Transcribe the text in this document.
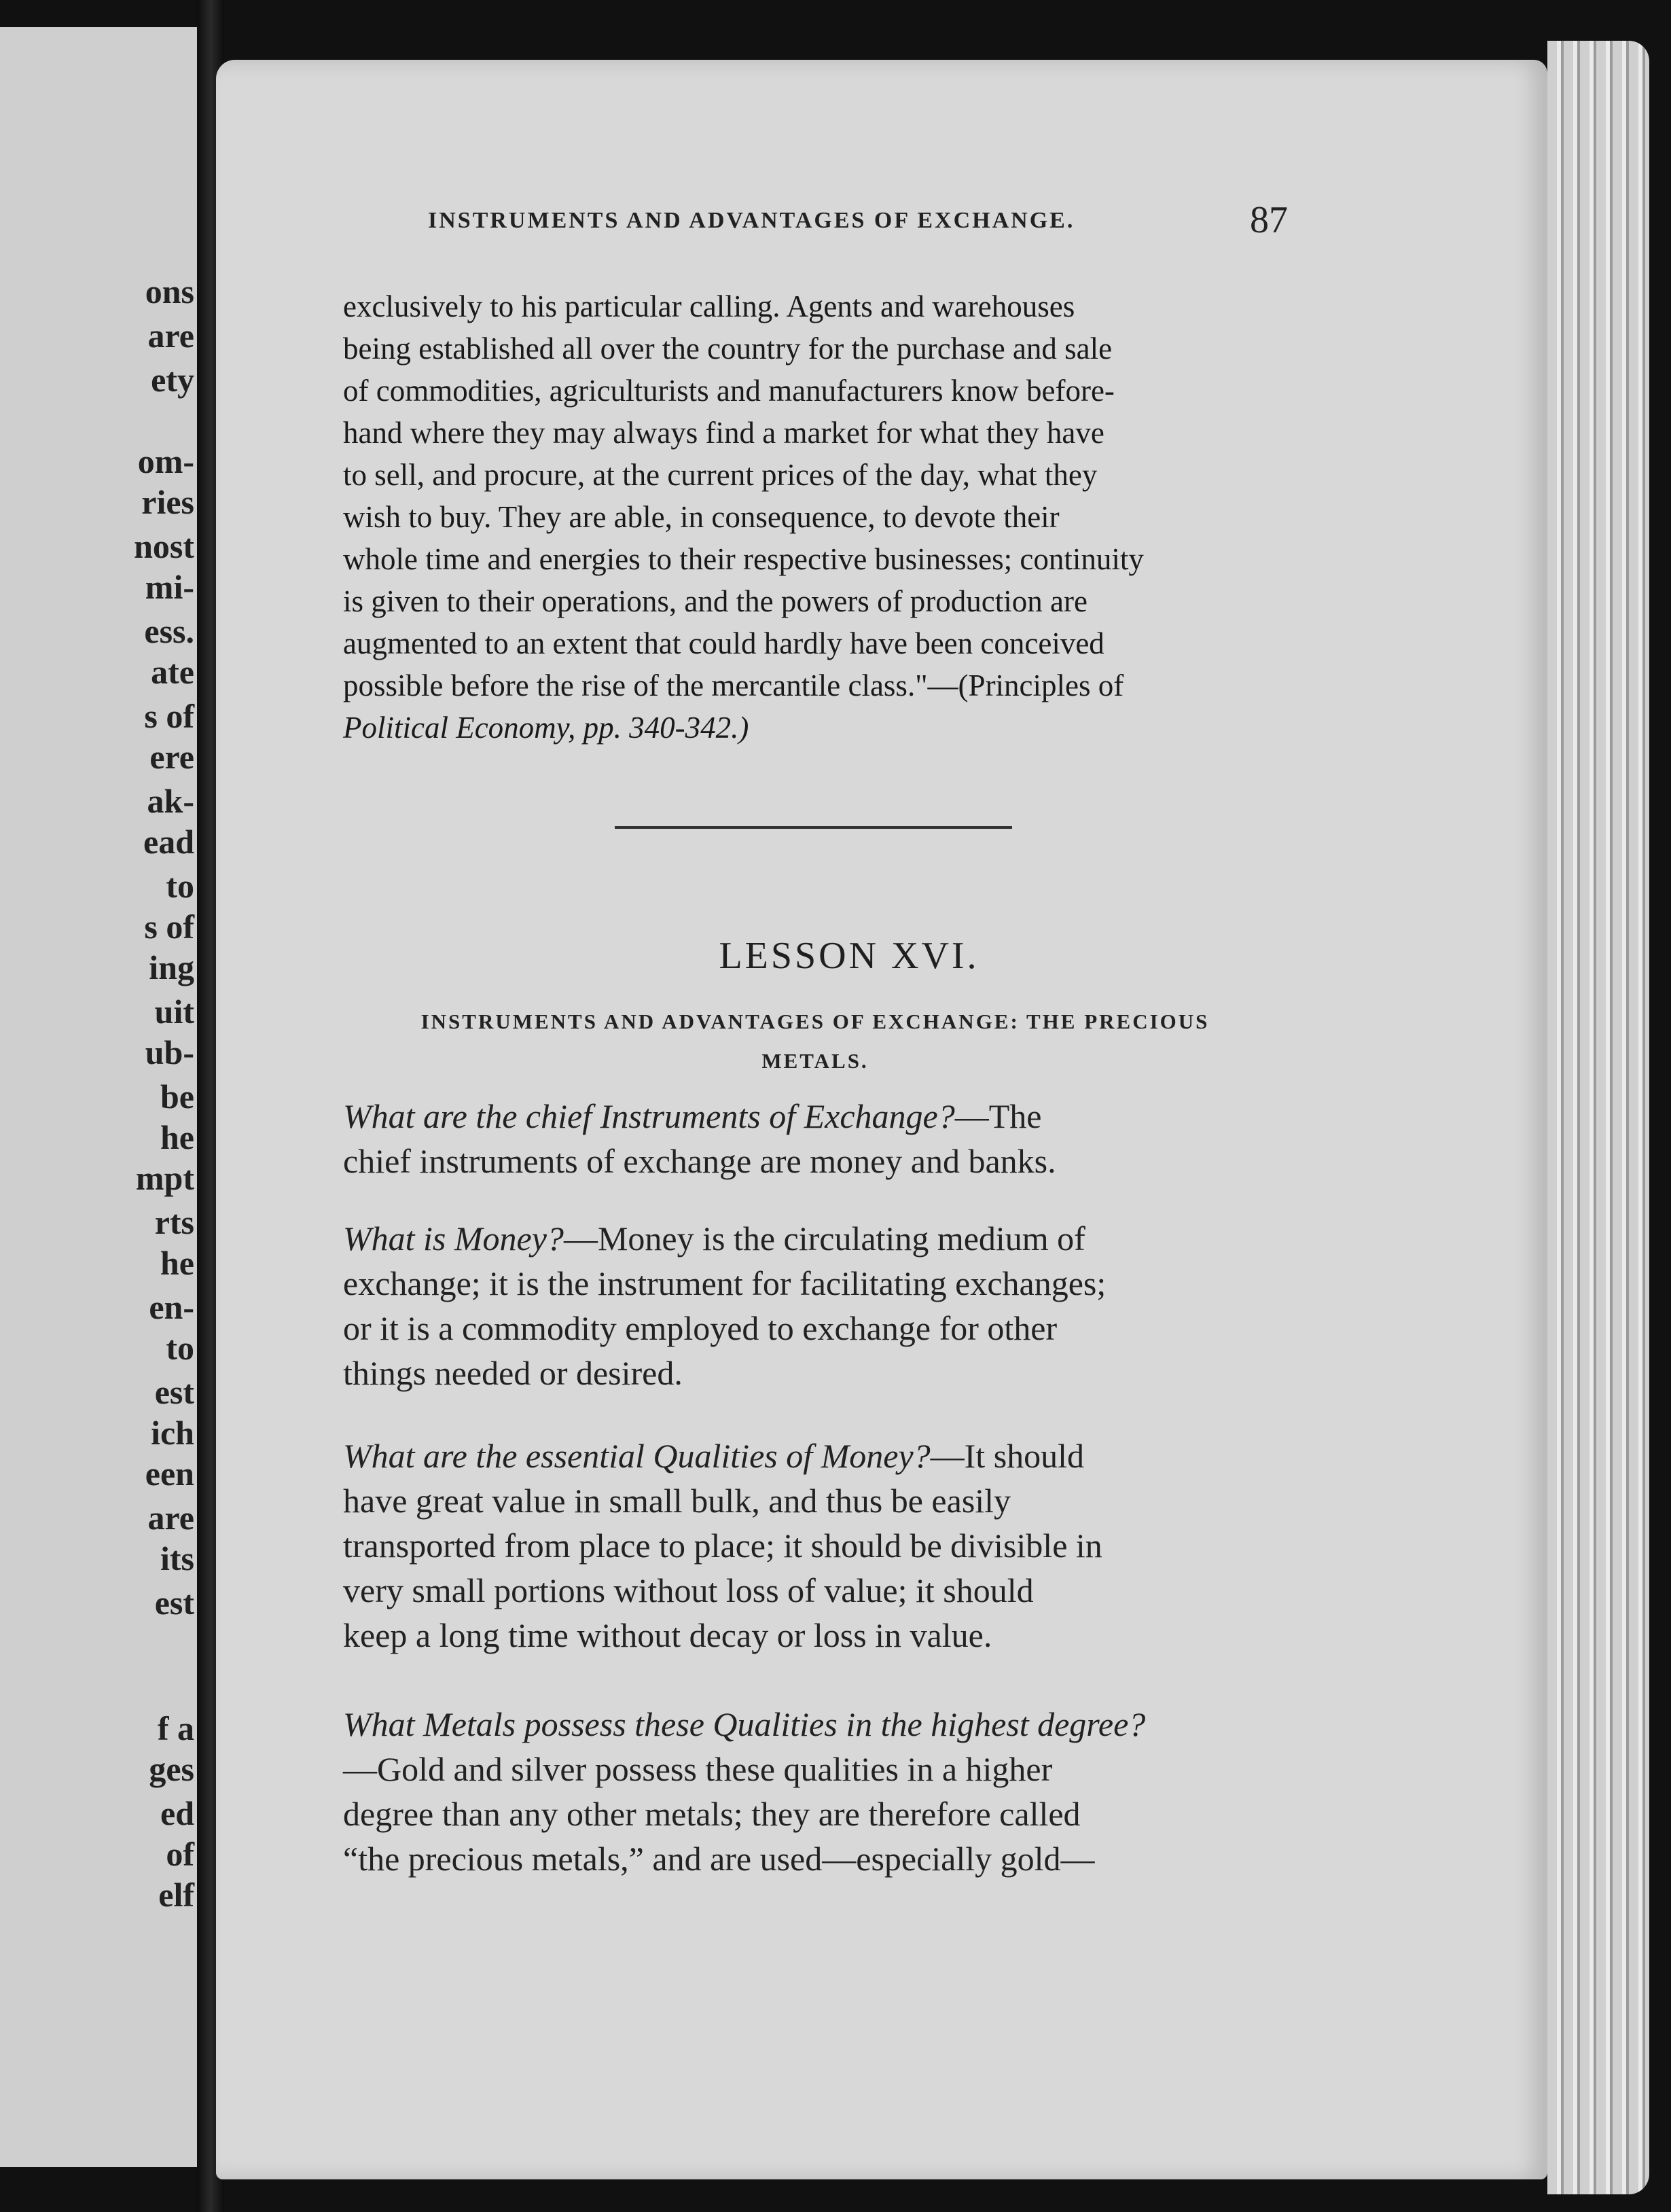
ons
are
ety
om-
ries
nost
mi-
ess.
ate
s of
ere
ak-
ead
to
s of
ing
uit
ub-
be
he
mpt
rts
he
en-
to
est
ich
een
are
its
est
f a
ges
ed
of
elf
INSTRUMENTS AND ADVANTAGES OF EXCHANGE.	87
exclusively to his particular calling. Agents and warehouses
being established all over the country for the purchase and sale
of commodities, agriculturists and manufacturers know before-
hand where they may always find a market for what they have
to sell, and procure, at the current prices of the day, what they
wish to buy. They are able, in consequence, to devote their
whole time and energies to their respective businesses; continuity
is given to their operations, and the powers of production are
augmented to an extent that could hardly have been conceived
possible before the rise of the mercantile class."—(Principles of
Political Economy, pp. 340-342.)
LESSON XVI.
INSTRUMENTS AND ADVANTAGES OF EXCHANGE: THE PRECIOUS
METALS.
What are the chief Instruments of Exchange?—The
chief instruments of exchange are money and banks.
What is Money?—Money is the circulating medium of
exchange; it is the instrument for facilitating exchanges;
or it is a commodity employed to exchange for other
things needed or desired.
What are the essential Qualities of Money?—It should
have great value in small bulk, and thus be easily
transported from place to place; it should be divisible in
very small portions without loss of value; it should
keep a long time without decay or loss in value.
What Metals possess these Qualities in the highest degree?
—Gold and silver possess these qualities in a higher
degree than any other metals; they are therefore called
“the precious metals,” and are used—especially gold—
